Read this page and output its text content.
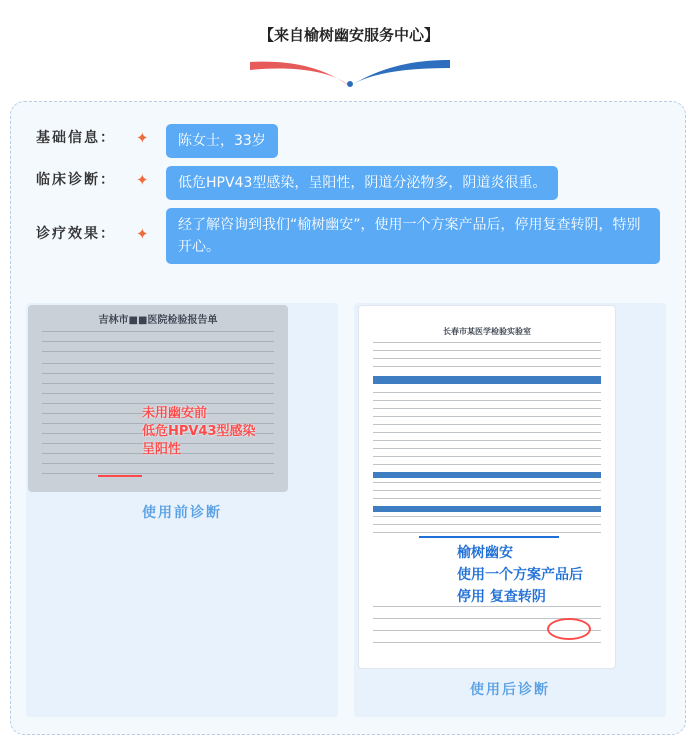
【来自榆树幽安服务中心】
基础信息：	✦	陈女士，33岁
临床诊断：	✦	低危HPV43型感染，呈阳性，阴道分泌物多，阴道炎很重。
诊疗效果：	✦	经了解咨询到我们“榆树幽安”，使用一个方案产品后，停用复查转阴，特别开心。
吉林市■■医院检验报告单
未用幽安前
低危HPV43型感染
呈阳性
使用前诊断
长春市某医学检验实验室
榆树幽安
使用一个方案产品后
停用 复查转阴
使用后诊断
